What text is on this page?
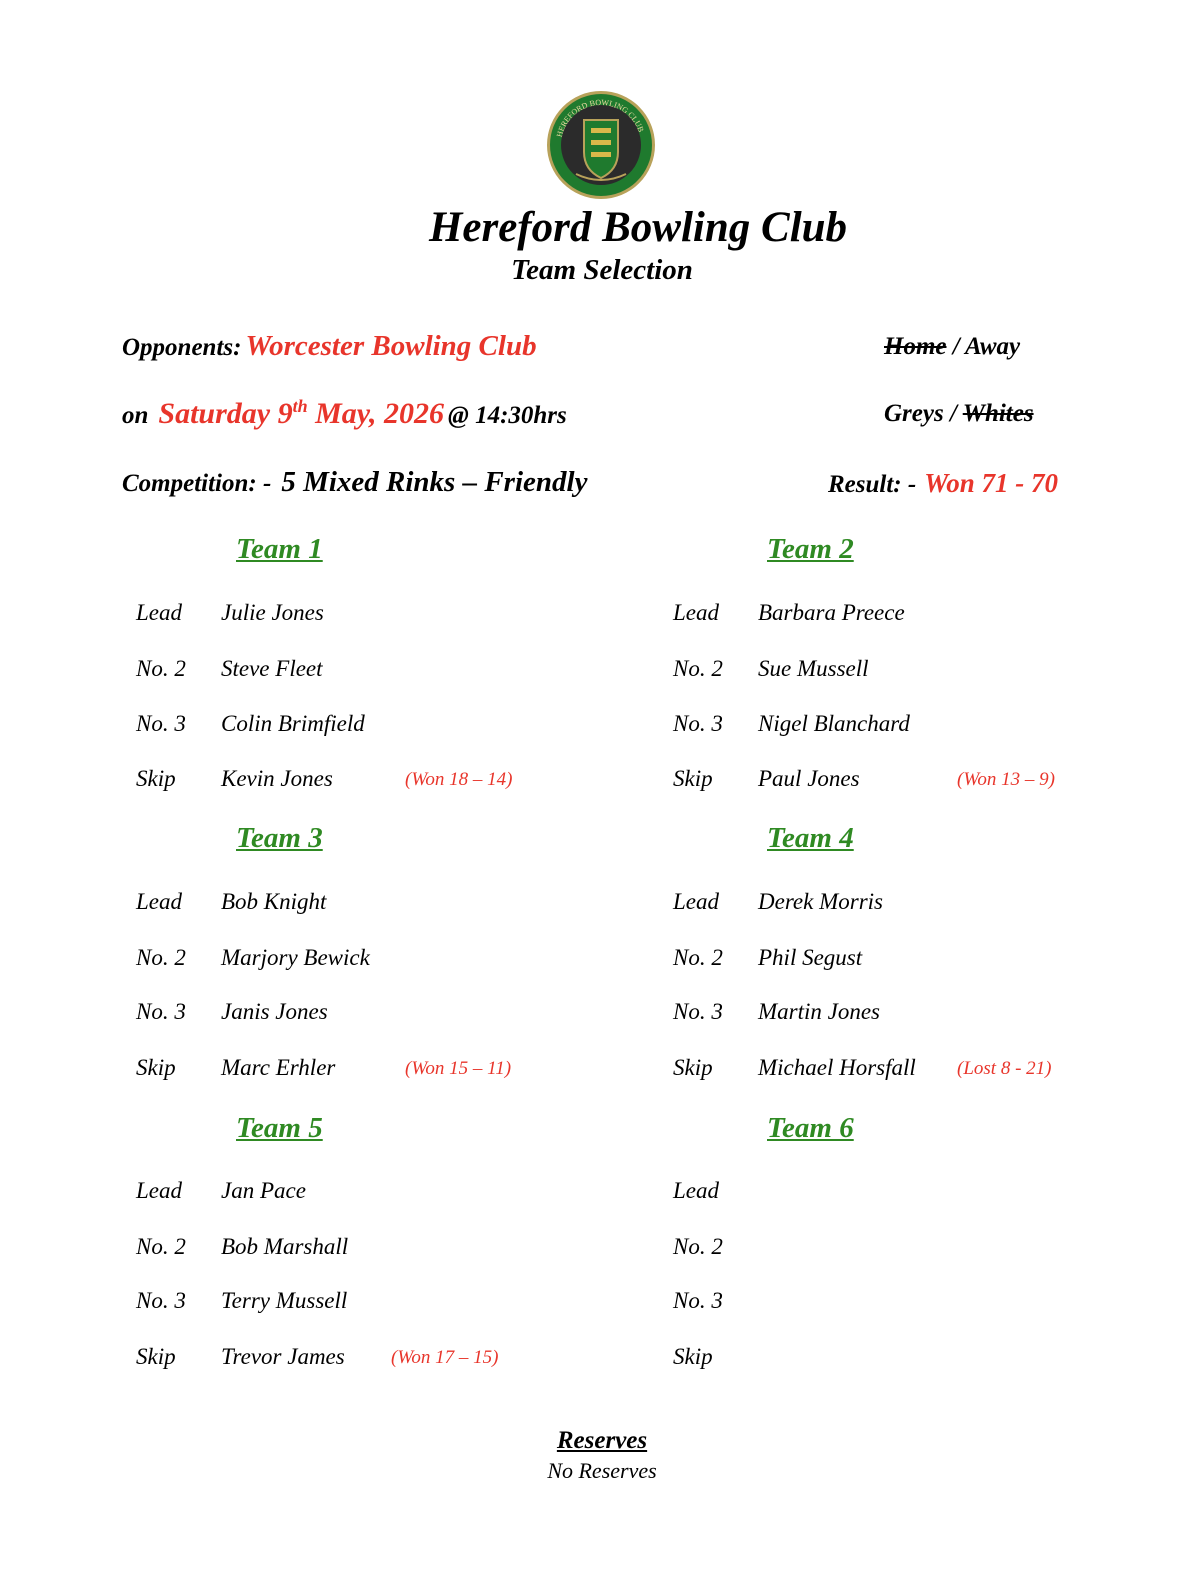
HEREFORD BOWLING CLUB
Hereford Bowling Club
Team Selection
Opponents: Worcester Bowling Club	Home / Away
on Saturday 9th May, 2026 @ 14:30hrs	Greys / Whites
Competition: - 5 Mixed Rinks – Friendly	Result: - Won 71 - 70
Team 1
Lead Julie Jones
No. 2 Steve Fleet
No. 3 Colin Brimfield
Skip Kevin Jones	(Won 18 – 14)
Team 2
Lead Barbara Preece
No. 2 Sue Mussell
No. 3 Nigel Blanchard
Skip Paul Jones	(Won 13 – 9)
Team 3
Lead Bob Knight
No. 2 Marjory Bewick
No. 3 Janis Jones
Skip Marc Erhler	(Won 15 – 11)
Team 4
Lead Derek Morris
No. 2 Phil Segust
No. 3 Martin Jones
Skip Michael Horsfall (Lost 8 - 21)
Team 5
Lead Jan Pace
No. 2 Bob Marshall
No. 3 Terry Mussell
Skip Trevor James (Won 17 – 15)
Team 6
Lead
No. 2
No. 3
Skip
Reserves
No Reserves
